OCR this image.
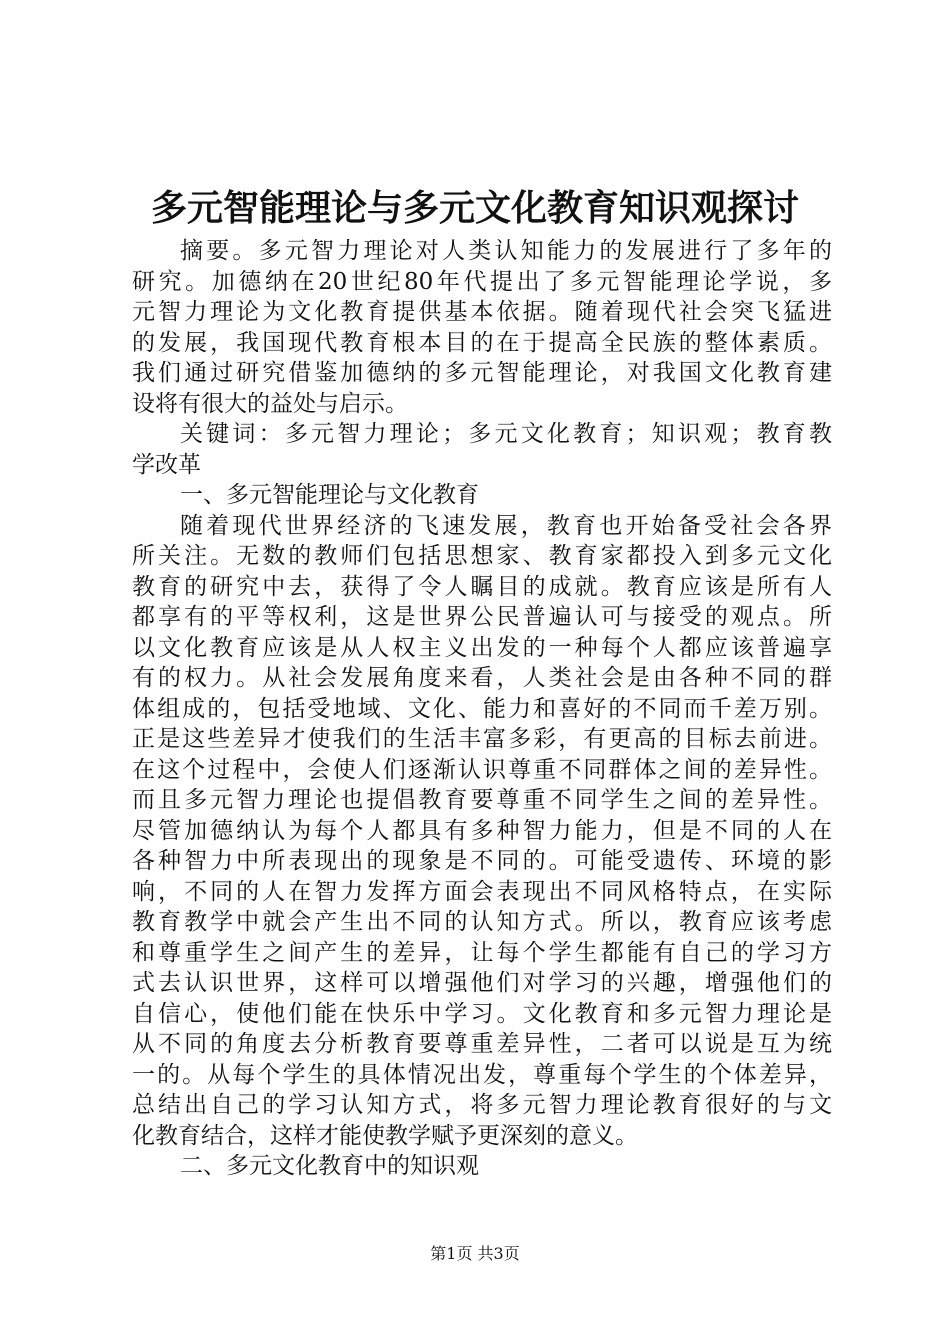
多元智能理论与多元文化教育知识观探讨
摘要。多元智力理论对人类认知能力的发展进行了多年的
研究。加德纳在20世纪80年代提出了多元智能理论学说，多
元智力理论为文化教育提供基本依据。随着现代社会突飞猛进
的发展，我国现代教育根本目的在于提高全民族的整体素质。
我们通过研究借鉴加德纳的多元智能理论，对我国文化教育建
设将有很大的益处与启示。
关键词：多元智力理论；多元文化教育；知识观；教育教
学改革
一、多元智能理论与文化教育
随着现代世界经济的飞速发展，教育也开始备受社会各界
所关注。无数的教师们包括思想家、教育家都投入到多元文化
教育的研究中去，获得了令人瞩目的成就。教育应该是所有人
都享有的平等权利，这是世界公民普遍认可与接受的观点。所
以文化教育应该是从人权主义出发的一种每个人都应该普遍享
有的权力。从社会发展角度来看，人类社会是由各种不同的群
体组成的，包括受地域、文化、能力和喜好的不同而千差万别。
正是这些差异才使我们的生活丰富多彩，有更高的目标去前进。
在这个过程中，会使人们逐渐认识尊重不同群体之间的差异性。
而且多元智力理论也提倡教育要尊重不同学生之间的差异性。
尽管加德纳认为每个人都具有多种智力能力，但是不同的人在
各种智力中所表现出的现象是不同的。可能受遗传、环境的影
响，不同的人在智力发挥方面会表现出不同风格特点，在实际
教育教学中就会产生出不同的认知方式。所以，教育应该考虑
和尊重学生之间产生的差异，让每个学生都能有自己的学习方
式去认识世界，这样可以增强他们对学习的兴趣，增强他们的
自信心，使他们能在快乐中学习。文化教育和多元智力理论是
从不同的角度去分析教育要尊重差异性，二者可以说是互为统
一的。从每个学生的具体情况出发，尊重每个学生的个体差异，
总结出自己的学习认知方式，将多元智力理论教育很好的与文
化教育结合，这样才能使教学赋予更深刻的意义。
二、多元文化教育中的知识观
第1页 共3页
